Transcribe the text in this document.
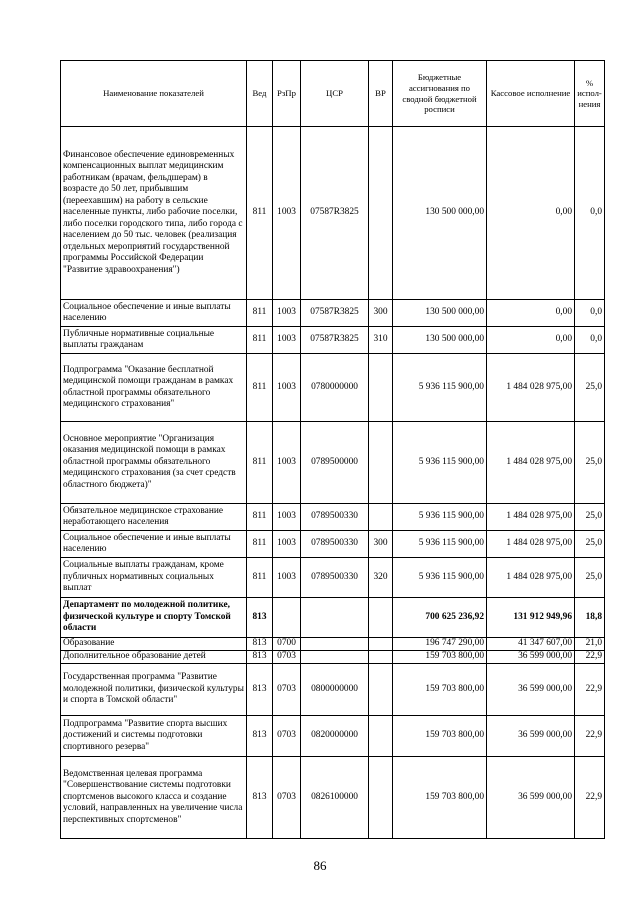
Наименование показателей	Вед	РзПр	ЦСР	ВР	Бюджетные ассигнования по сводной бюджетной росписи	Кассовое исполнение	% испол-нения
Финансовое обеспечение единовременных компенсационных выплат медицинским работникам (врачам, фельдшерам) в возрасте до 50 лет, прибывшим (переехавшим) на работу в сельские населенные пункты, либо рабочие поселки, либо поселки городского типа, либо города с населением до 50 тыс. человек (реализация отдельных мероприятий государственной программы Российской Федерации "Развитие здравоохранения")	811	1003	07587R3825		130 500 000,00	0,00	0,0
Социальное обеспечение и иные выплаты населению	811	1003	07587R3825	300	130 500 000,00	0,00	0,0
Публичные нормативные социальные выплаты гражданам	811	1003	07587R3825	310	130 500 000,00	0,00	0,0
Подпрограмма "Оказание бесплатной медицинской помощи гражданам в рамках областной программы обязательного медицинского страхования"	811	1003	0780000000		5 936 115 900,00	1 484 028 975,00	25,0
Основное мероприятие "Организация оказания медицинской помощи в рамках областной программы обязательного медицинского страхования (за счет средств областного бюджета)"	811	1003	0789500000		5 936 115 900,00	1 484 028 975,00	25,0
Обязательное медицинское страхование неработающего населения	811	1003	0789500330		5 936 115 900,00	1 484 028 975,00	25,0
Социальное обеспечение и иные выплаты населению	811	1003	0789500330	300	5 936 115 900,00	1 484 028 975,00	25,0
Социальные выплаты гражданам, кроме публичных нормативных социальных выплат	811	1003	0789500330	320	5 936 115 900,00	1 484 028 975,00	25,0
Департамент по молодежной политике, физической культуре и спорту Томской области	813				700 625 236,92	131 912 949,96	18,8
Образование	813	0700			196 747 290,00	41 347 607,00	21,0
Дополнительное образование детей	813	0703			159 703 800,00	36 599 000,00	22,9
Государственная программа "Развитие молодежной политики, физической культуры и спорта в Томской области"	813	0703	0800000000		159 703 800,00	36 599 000,00	22,9
Подпрограмма "Развитие спорта высших достижений и системы подготовки спортивного резерва"	813	0703	0820000000		159 703 800,00	36 599 000,00	22,9
Ведомственная целевая программа "Совершенствование системы подготовки спортсменов высокого класса и создание условий, направленных на увеличение числа перспективных спортсменов"	813	0703	0826100000		159 703 800,00	36 599 000,00	22,9
86
